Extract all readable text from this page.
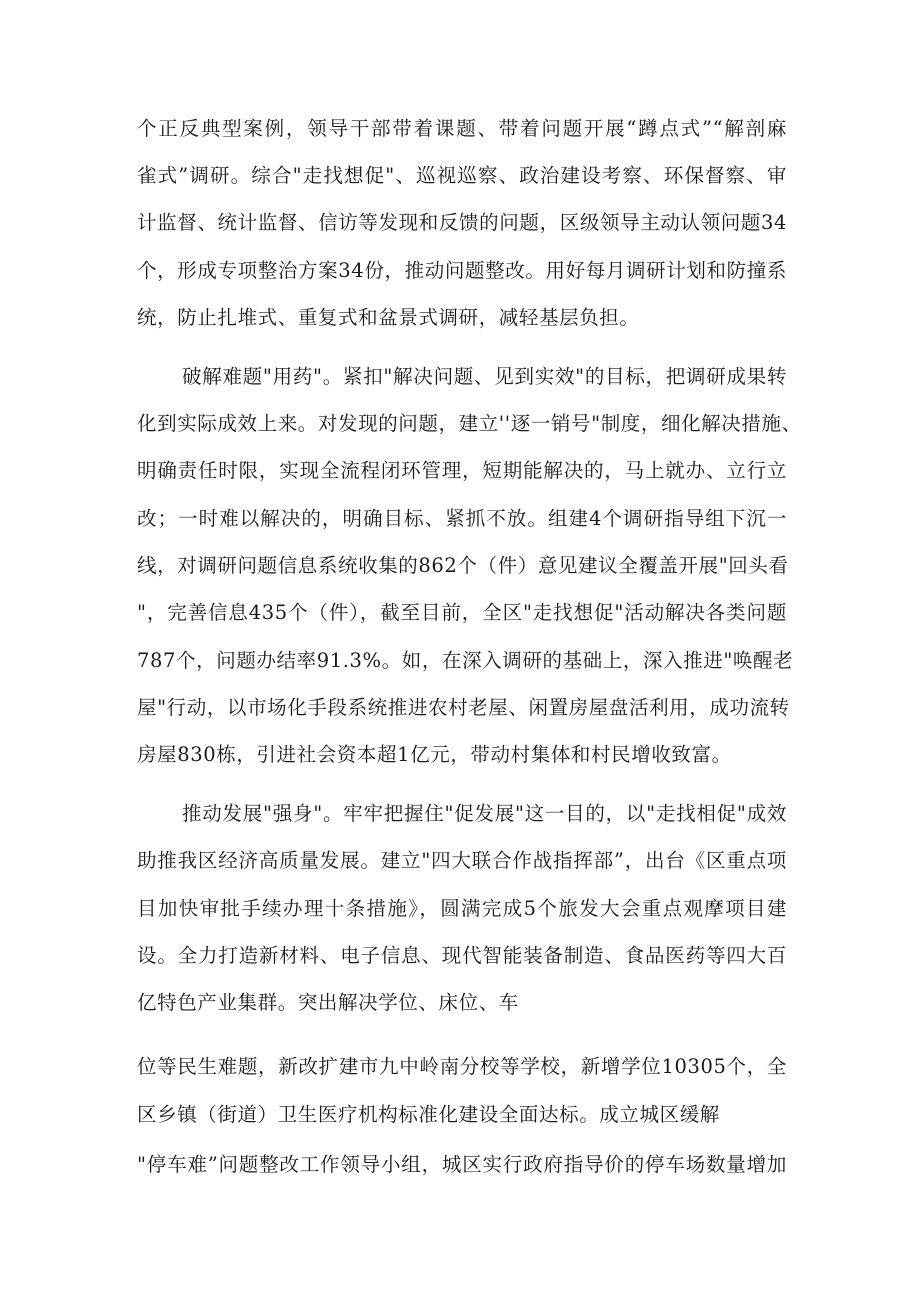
个正反典型案例，领导干部带着课题、带着问题开展“蹲点式”“解剖麻
雀式”调研。综合"走找想促"、巡视巡察、政治建设考察、环保督察、审
计监督、统计监督、信访等发现和反馈的问题，区级领导主动认领问题34
个，形成专项整治方案34份，推动问题整改。用好每月调研计划和防撞系
统，防止扎堆式、重复式和盆景式调研，减轻基层负担。
破解难题"用药"。紧扣"解决问题、见到实效"的目标，把调研成果转
化到实际成效上来。对发现的问题，建立''逐一销号"制度，细化解决措施、
明确责任时限，实现全流程闭环管理，短期能解决的，马上就办、立行立
改；一时难以解决的，明确目标、紧抓不放。组建4个调研指导组下沉一
线，对调研问题信息系统收集的862个（件）意见建议全覆盖开展"回头看
"，完善信息435个（件），截至目前，全区"走找想促"活动解决各类问题
787个，问题办结率91.3%。如，在深入调研的基础上，深入推进"唤醒老
屋"行动，以市场化手段系统推进农村老屋、闲置房屋盘活利用，成功流转
房屋830栋，引进社会资本超1亿元，带动村集体和村民增收致富。
推动发展"强身"。牢牢把握住"促发展"这一目的，以"走找相促"成效
助推我区经济高质量发展。建立"四大联合作战指挥部”，出台《区重点项
目加快审批手续办理十条措施》，圆满完成5个旅发大会重点观摩项目建
设。全力打造新材料、电子信息、现代智能装备制造、食品医药等四大百
亿特色产业集群。突出解决学位、床位、车
位等民生难题，新改扩建市九中岭南分校等学校，新增学位10305个，全
区乡镇（街道）卫生医疗机构标准化建设全面达标。成立城区缓解
"停车难”问题整改工作领导小组，城区实行政府指导价的停车场数量增加
